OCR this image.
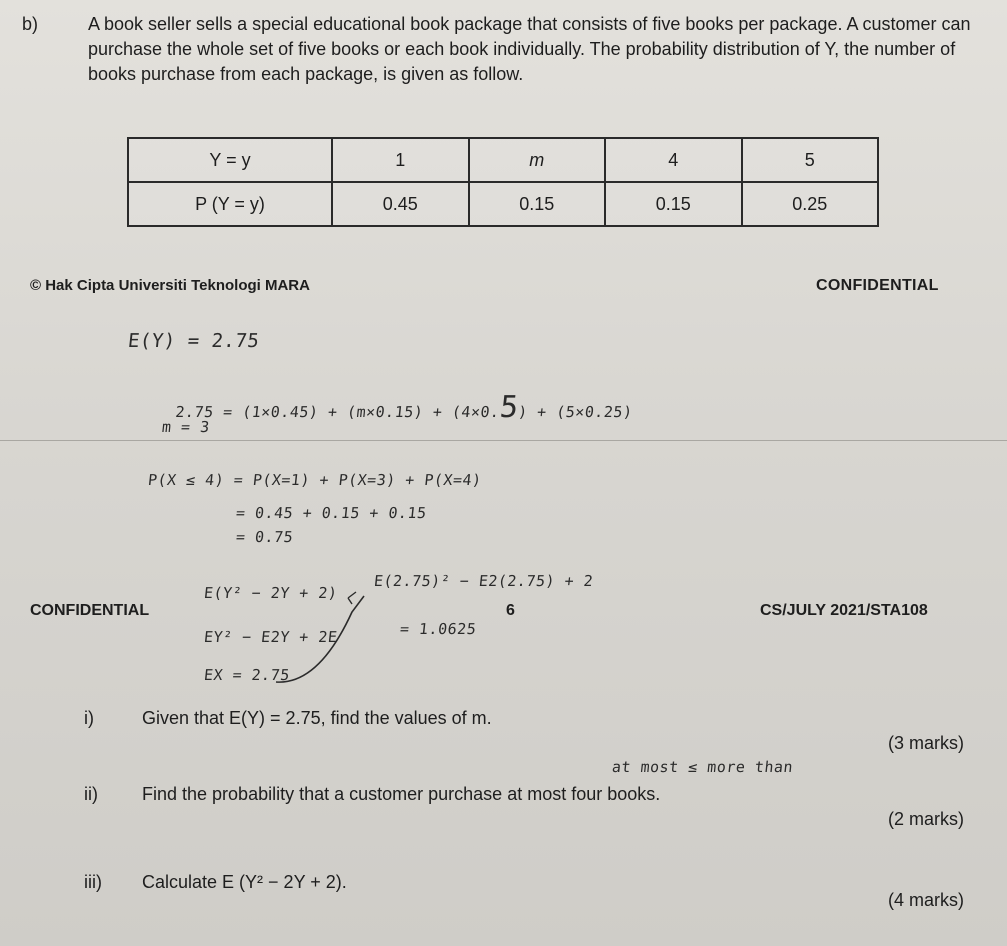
b)	A book seller sells a special educational book package that consists of five books per package. A customer can purchase the whole set of five books or each book individually. The probability distribution of Y, the number of books purchase from each package, is given as follow.
Y = y	1	m	4	5
P (Y = y)	0.45	0.15	0.15	0.25
© Hak Cipta Universiti Teknologi MARA	CONFIDENTIAL
E(Y) = 2.75
2.75 = (1×0.45) + (m×0.15) + (4×0.5) + (5×0.25)
m = 3
P(X ≤ 4) = P(X=1) + P(X=3) + P(X=4)
= 0.45 + 0.15 + 0.15
= 0.75
E(Y² − 2Y + 2)
EY² − E2Y + 2E
EX = 2.75
E(2.75)² − E2(2.75) + 2
= 1.0625
at most ≤ more than
CONFIDENTIAL	6	CS/JULY 2021/STA108
i)	Given that E(Y) = 2.75, find the values of m.
(3 marks)
ii) Find the probability that a customer purchase at most four books.
(2 marks)
iii) Calculate E (Y² − 2Y + 2).
(4 marks)
